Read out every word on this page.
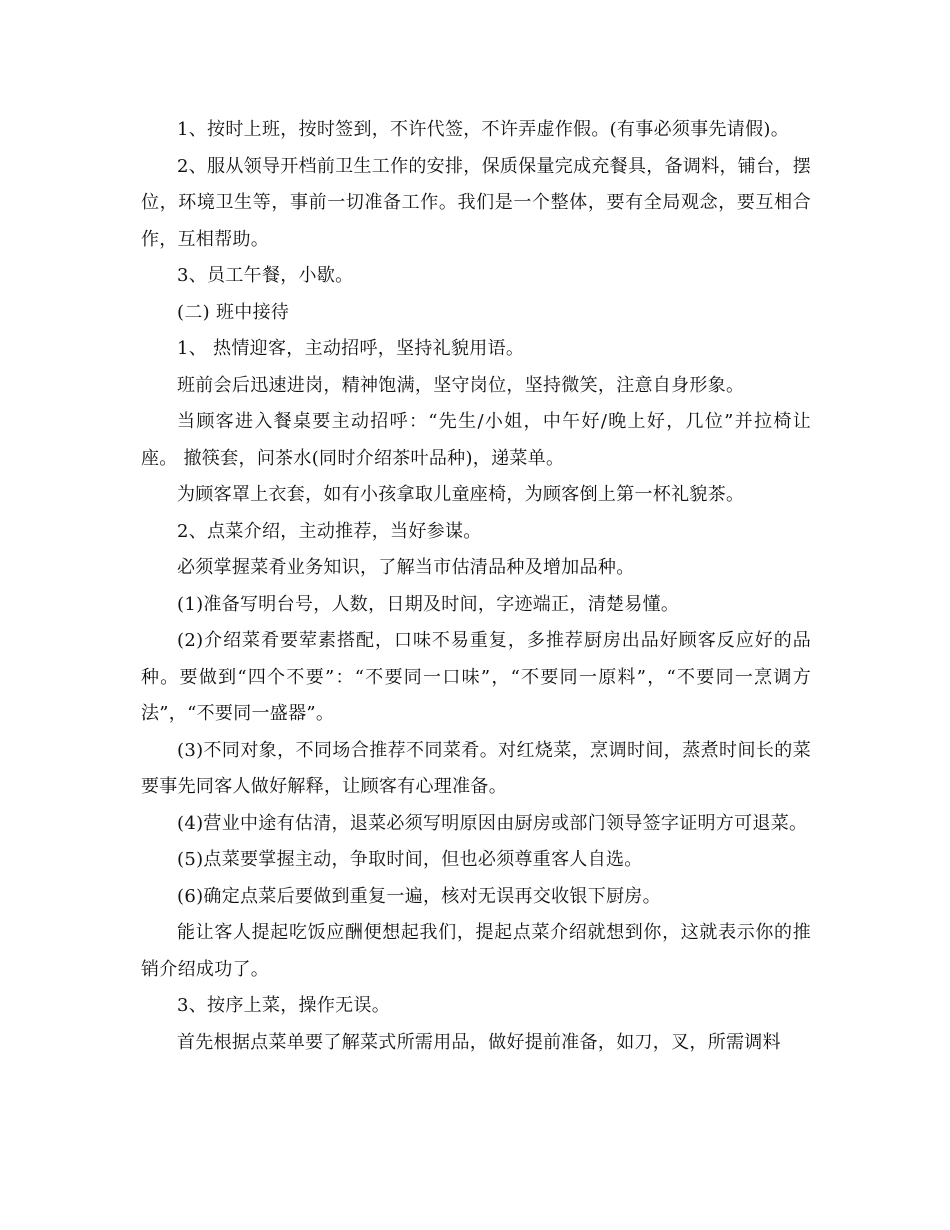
1、按时上班，按时签到，不许代签，不许弄虚作假。(有事必须事先请假)。

2、服从领导开档前卫生工作的安排，保质保量完成充餐具，备调料，铺台，摆位，环境卫生等，事前一切准备工作。我们是一个整体，要有全局观念，要互相合作，互相帮助。

3、员工午餐，小歇。

(二) 班中接待

1、 热情迎客，主动招呼，坚持礼貌用语。

班前会后迅速进岗，精神饱满，坚守岗位，坚持微笑，注意自身形象。

当顾客进入餐桌要主动招呼：“先生/小姐，中午好/晚上好，几位”并拉椅让座。 撤筷套，问茶水(同时介绍茶叶品种)，递菜单。

为顾客罩上衣套，如有小孩拿取儿童座椅，为顾客倒上第一杯礼貌茶。

2、点菜介绍，主动推荐，当好参谋。

必须掌握菜肴业务知识，了解当市估清品种及增加品种。

(1)准备写明台号，人数，日期及时间，字迹端正，清楚易懂。

(2)介绍菜肴要荤素搭配，口味不易重复，多推荐厨房出品好顾客反应好的品种。要做到“四个不要”：“不要同一口味”，“不要同一原料”，“不要同一烹调方法”，“不要同一盛器”。

(3)不同对象，不同场合推荐不同菜肴。对红烧菜，烹调时间，蒸煮时间长的菜要事先同客人做好解释，让顾客有心理准备。

(4)营业中途有估清，退菜必须写明原因由厨房或部门领导签字证明方可退菜。

(5)点菜要掌握主动，争取时间，但也必须尊重客人自选。

(6)确定点菜后要做到重复一遍，核对无误再交收银下厨房。

能让客人提起吃饭应酬便想起我们，提起点菜介绍就想到你，这就表示你的推销介绍成功了。

3、按序上菜，操作无误。

首先根据点菜单要了解菜式所需用品，做好提前准备，如刀，叉，所需调料
